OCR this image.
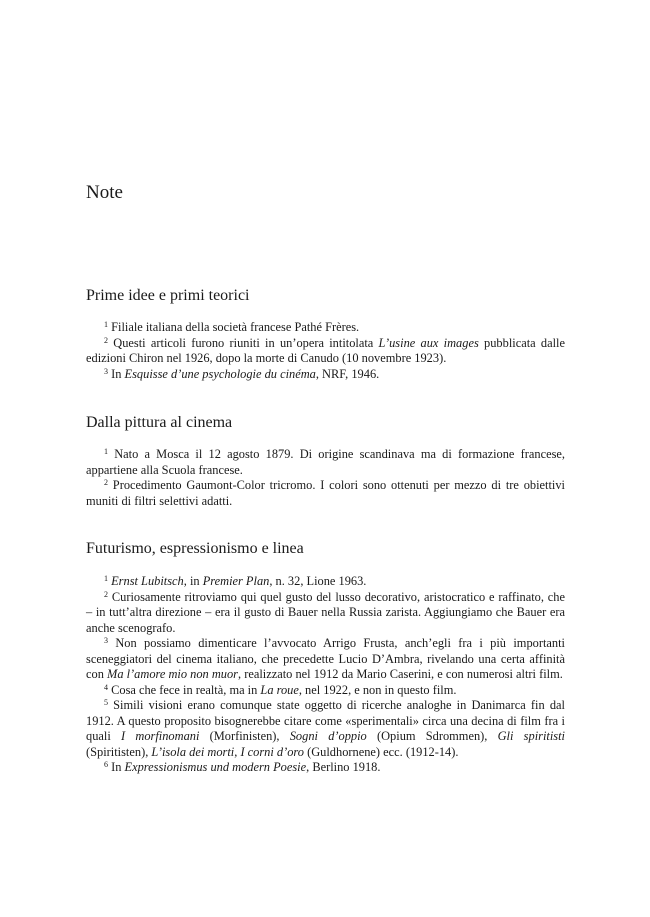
Note
Prime idee e primi teorici

$^1$ Filiale italiana della società francese Pathé Frères.

$^2$ Questi articoli furono riuniti in un’opera intitolata L’usine aux images pubblicata dalle edizioni Chiron nel 1926, dopo la morte di Canudo (10 novembre 1923).

$^3$ In Esquisse d’une psychologie du cinéma, NRF, 1946.

Dalla pittura al cinema

$^1$ Nato a Mosca il 12 agosto 1879. Di origine scandinava ma di formazione francese, appartiene alla Scuola francese.

$^2$ Procedimento Gaumont-Color tricromo. I colori sono ottenuti per mezzo di tre obiettivi muniti di filtri selettivi adatti.

Futurismo, espressionismo e linea

$^1$ Ernst Lubitsch, in Premier Plan, n. 32, Lione 1963.

$^2$ Curiosamente ritroviamo qui quel gusto del lusso decorativo, aristocratico e raffinato, che – in tutt’altra direzione – era il gusto di Bauer nella Russia zarista. Aggiungiamo che Bauer era anche scenografo.

$^3$ Non possiamo dimenticare l’avvocato Arrigo Frusta, anch’egli fra i più importanti sceneggiatori del cinema italiano, che precedette Lucio D’Ambra, rivelando una certa affinità con Ma l’amore mio non muor, realizzato nel 1912 da Mario Caserini, e con numerosi altri film.

$^4$ Cosa che fece in realtà, ma in La roue, nel 1922, e non in questo film.

$^5$ Simili visioni erano comunque state oggetto di ricerche analoghe in Danimarca fin dal 1912. A questo proposito bisognerebbe citare come «sperimentali» circa una decina di film fra i quali I morfinomani (Morfinisten), Sogni d’oppio (Opium Sdrommen), Gli spiritisti (Spiritisten), L’isola dei morti, I corni d’oro (Guldhornene) ecc. (1912-14).

$^6$ In Expressionismus und modern Poesie, Berlino 1918.
